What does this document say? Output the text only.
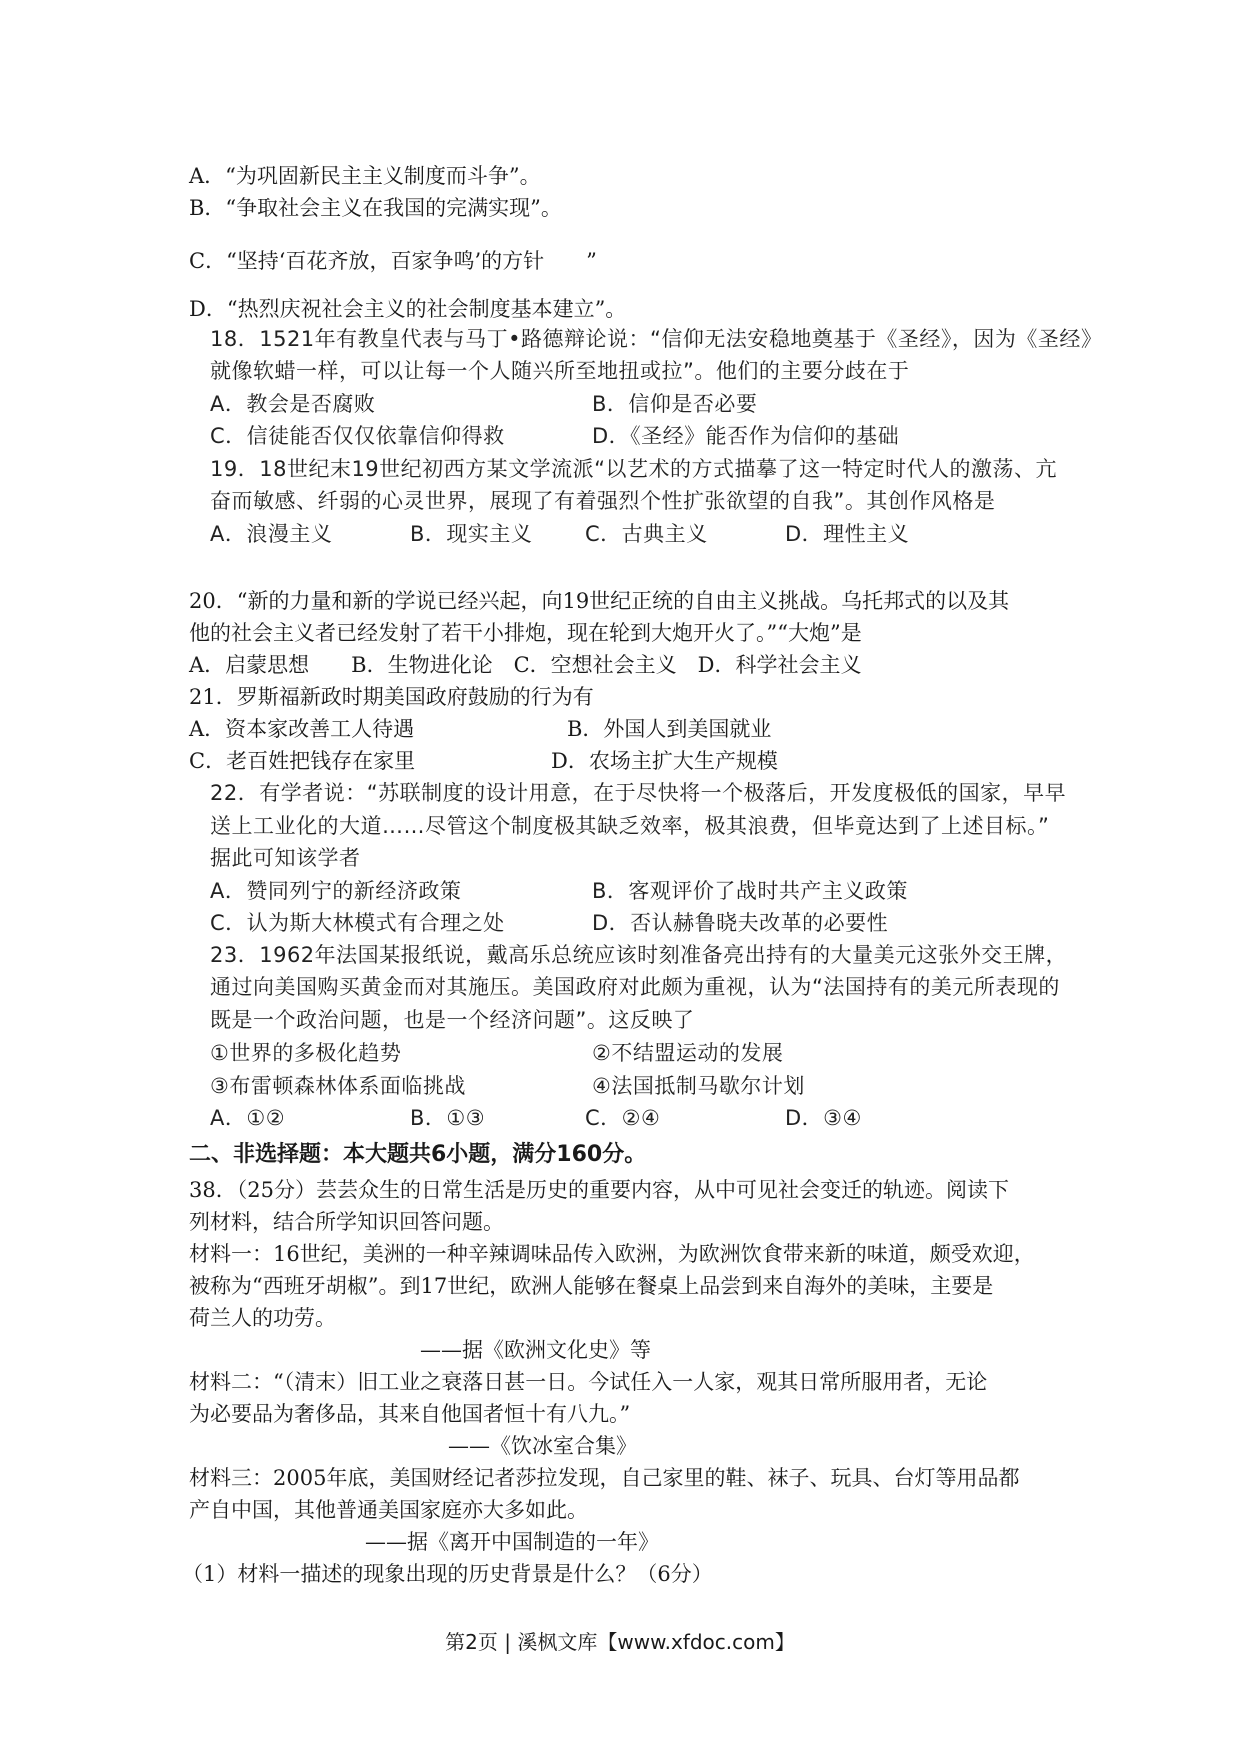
A．“为巩固新民主主义制度而斗争”。
B．“争取社会主义在我国的完满实现”。
C．“坚持‘百花齐放，百家争鸣’的方针　　”
D．“热烈庆祝社会主义的社会制度基本建立”。
18．1521年有教皇代表与马丁•路德辩论说：“信仰无法安稳地奠基于《圣经》，因为《圣经》
就像软蜡一样，可以让每一个人随兴所至地扭或拉”。他们的主要分歧在于
A．教会是否腐败	B．信仰是否必要
C．信徒能否仅仅依靠信仰得救	D．《圣经》能否作为信仰的基础
19．18世纪末19世纪初西方某文学流派“以艺术的方式描摹了这一特定时代人的激荡、亢
奋而敏感、纤弱的心灵世界，展现了有着强烈个性扩张欲望的自我”。其创作风格是
A．浪漫主义	B．现实主义	C．古典主义	D．理性主义
20．“新的力量和新的学说已经兴起，向19世纪正统的自由主义挑战。乌托邦式的以及其
他的社会主义者已经发射了若干小排炮，现在轮到大炮开火了。”“大炮”是
A．启蒙思想　　B．生物进化论　C．空想社会主义　D．科学社会主义
21．罗斯福新政时期美国政府鼓励的行为有
A．资本家改善工人待遇	B．外国人到美国就业
C．老百姓把钱存在家里	D．农场主扩大生产规模
22．有学者说：“苏联制度的设计用意，在于尽快将一个极落后，开发度极低的国家，早早
送上工业化的大道……尽管这个制度极其缺乏效率，极其浪费，但毕竟达到了上述目标。”
据此可知该学者
A．赞同列宁的新经济政策	B．客观评价了战时共产主义政策
C．认为斯大林模式有合理之处	D．否认赫鲁晓夫改革的必要性
23．1962年法国某报纸说，戴高乐总统应该时刻准备亮出持有的大量美元这张外交王牌，
通过向美国购买黄金而对其施压。美国政府对此颇为重视，认为“法国持有的美元所表现的
既是一个政治问题，也是一个经济问题”。这反映了
①世界的多极化趋势	②不结盟运动的发展
③布雷顿森林体系面临挑战	④法国抵制马歇尔计划
A．①②	B．①③	C．②④	D．③④
二、非选择题：本大题共6小题，满分160分。
38．（25分）芸芸众生的日常生活是历史的重要内容，从中可见社会变迁的轨迹。阅读下
列材料，结合所学知识回答问题。
材料一：16世纪，美洲的一种辛辣调味品传入欧洲，为欧洲饮食带来新的味道，颇受欢迎，
被称为“西班牙胡椒”。到17世纪，欧洲人能够在餐桌上品尝到来自海外的美味，主要是
荷兰人的功劳。
——据《欧洲文化史》等
材料二：“（清末）旧工业之衰落日甚一日。今试任入一人家，观其日常所服用者，无论
为必要品为奢侈品，其来自他国者恒十有八九。”
——《饮冰室合集》
材料三：2005年底，美国财经记者莎拉发现，自己家里的鞋、袜子、玩具、台灯等用品都
产自中国，其他普通美国家庭亦大多如此。
——据《离开中国制造的一年》
（1）材料一描述的现象出现的历史背景是什么？（6分）
第2页 | 溪枫文库【www.xfdoc.com】
